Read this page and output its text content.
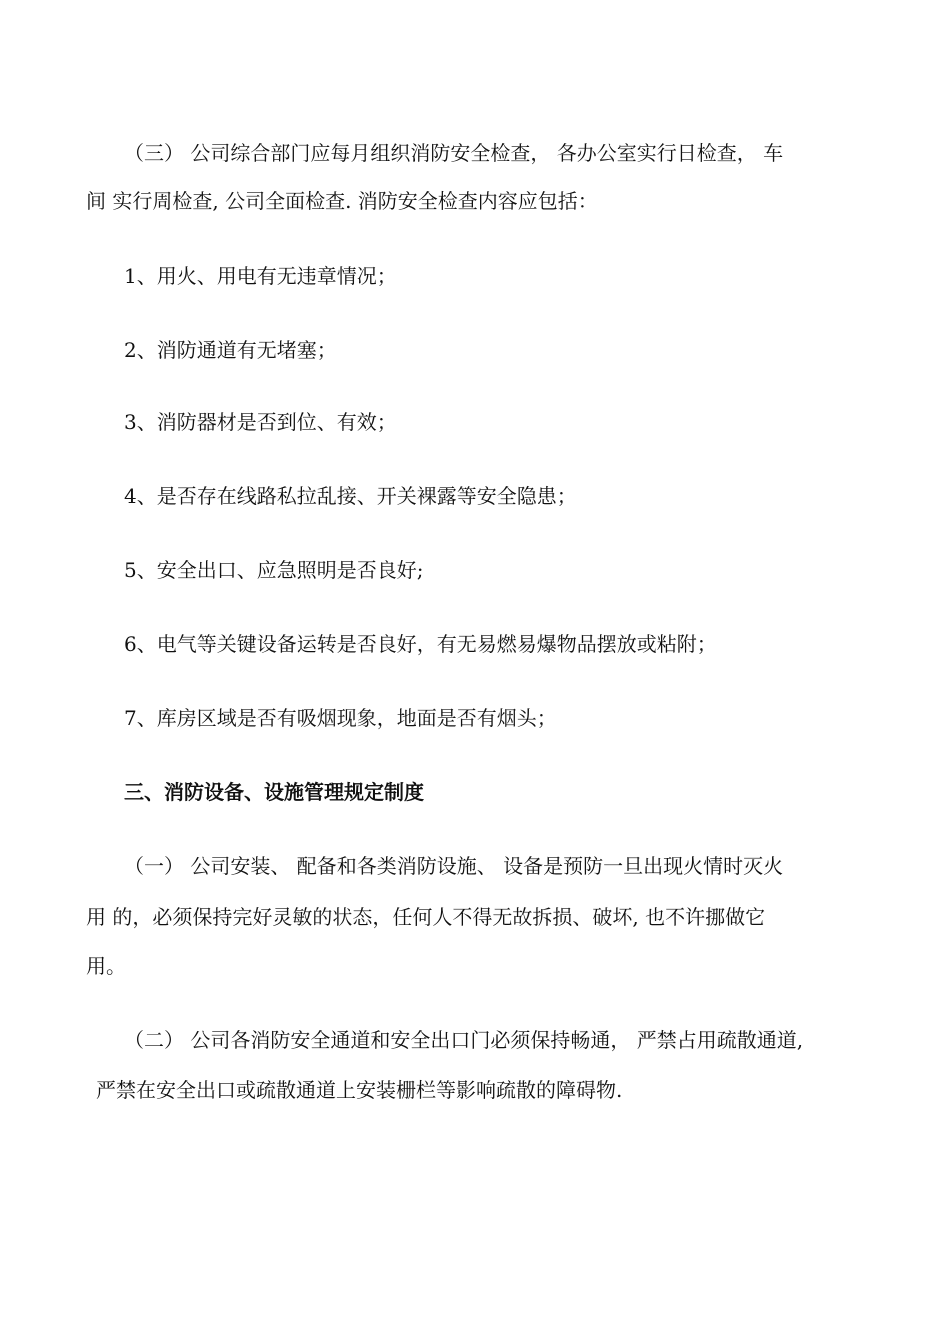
（三） 公司综合部门应每月组织消防安全检查， 各办公室实行日检查， 车
间 实行周检查, 公司全面检查. 消防安全检查内容应包括：
1、用火、用电有无违章情况；
2、消防通道有无堵塞；
3、消防器材是否到位、有效；
4、是否存在线路私拉乱接、开关裸露等安全隐患；
5、安全出口、应急照明是否良好;
6、电气等关键设备运转是否良好，有无易燃易爆物品摆放或粘附；
7、库房区域是否有吸烟现象，地面是否有烟头；
三、消防设备、设施管理规定制度
（一） 公司安装、 配备和各类消防设施、 设备是预防一旦出现火情时灭火
用 的，必须保持完好灵敏的状态，任何人不得无故拆损、破坏, 也不许挪做它
用。
（二） 公司各消防安全通道和安全出口门必须保持畅通， 严禁占用疏散通道,
严禁在安全出口或疏散通道上安装栅栏等影响疏散的障碍物.
